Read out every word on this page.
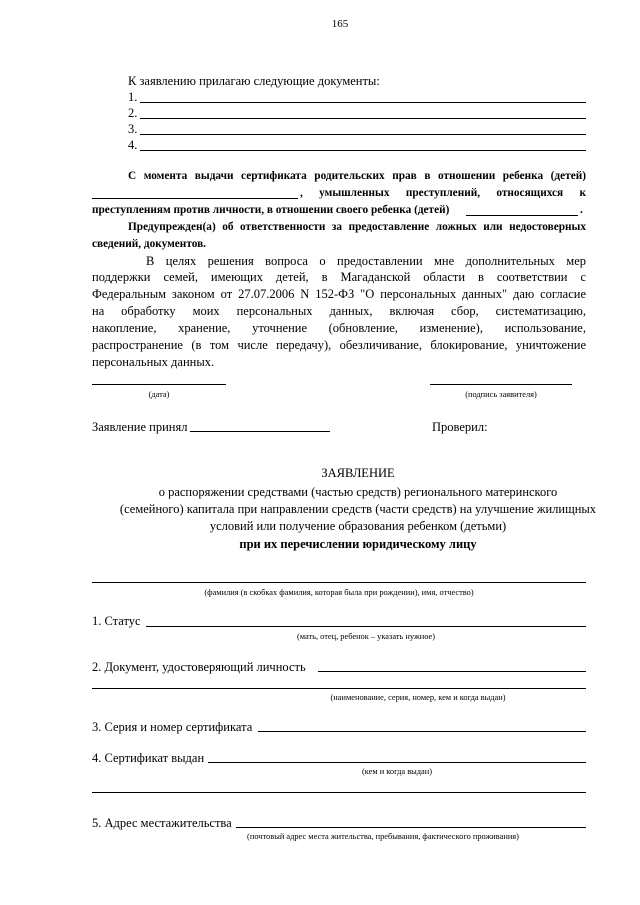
165
К заявлению прилагаю следующие документы:
1.
2.
3.
4.
С момента выдачи сертификата родительских прав в отношении ребенка (детей)
, умышленных преступлений, относящихся к
преступлениям против личности, в отношении своего ребенка (детей)	.
Предупрежден(а) об ответственности за предоставление ложных или недостоверных
сведений, документов.
В целях решения вопроса о предоставлении мне дополнительных мер
поддержки семей, имеющих детей, в Магаданской области в соответствии с
Федеральным законом от 27.07.2006 N 152-ФЗ "О персональных данных" даю согласие
на обработку моих персональных данных, включая сбор, систематизацию,
накопление, хранение, уточнение (обновление, изменение), использование,
распространение (в том числе передачу), обезличивание, блокирование, уничтожение
персональных данных.
(дата)	(подпись заявителя)
Заявление принял	Проверил:
ЗАЯВЛЕНИЕ
о распоряжении средствами (частью средств) регионального материнского
(семейного) капитала при направлении средств (части средств) на улучшение жилищных
условий или получение образования ребенком (детьми)
при их перечислении юридическому лицу
(фамилия (в скобках фамилия, которая была при рождении), имя, отчество)
1. Статус
(мать, отец, ребенок – указать нужное)
2. Документ, удостоверяющий личность
(наименование, серия, номер, кем и когда выдан)
3. Серия и номер сертификата
4. Сертификат выдан
(кем и когда выдан)
5. Адрес местажительства
(почтовый адрес места жительства, пребывания, фактического проживания)
